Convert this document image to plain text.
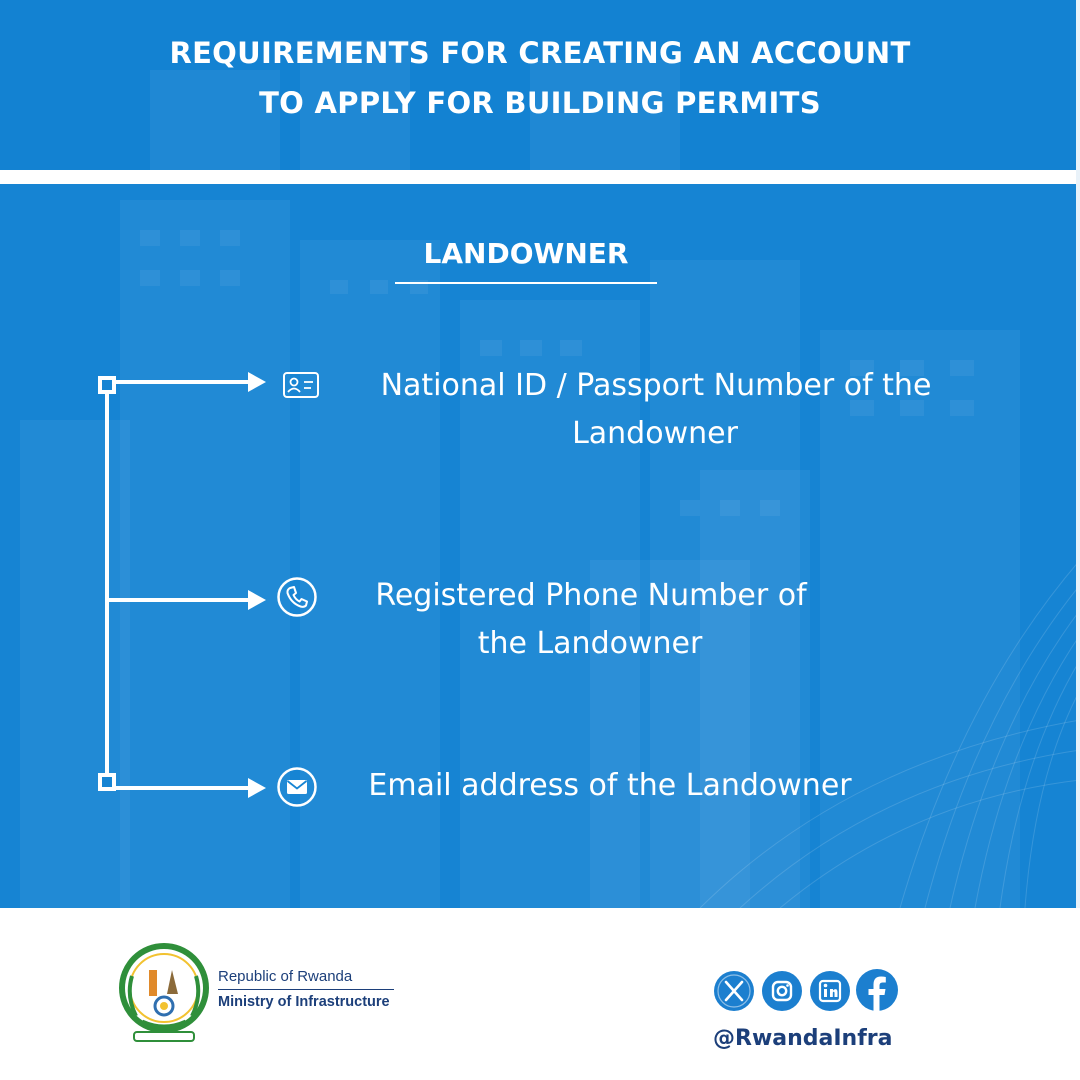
REQUIREMENTS FOR CREATING AN ACCOUNT
TO APPLY FOR BUILDING PERMITS
LANDOWNER
National ID / Passport Number of the
Landowner
Registered Phone Number of
the Landowner
Email address of the Landowner
Republic of Rwanda
Ministry of Infrastructure
@RwandaInfra
